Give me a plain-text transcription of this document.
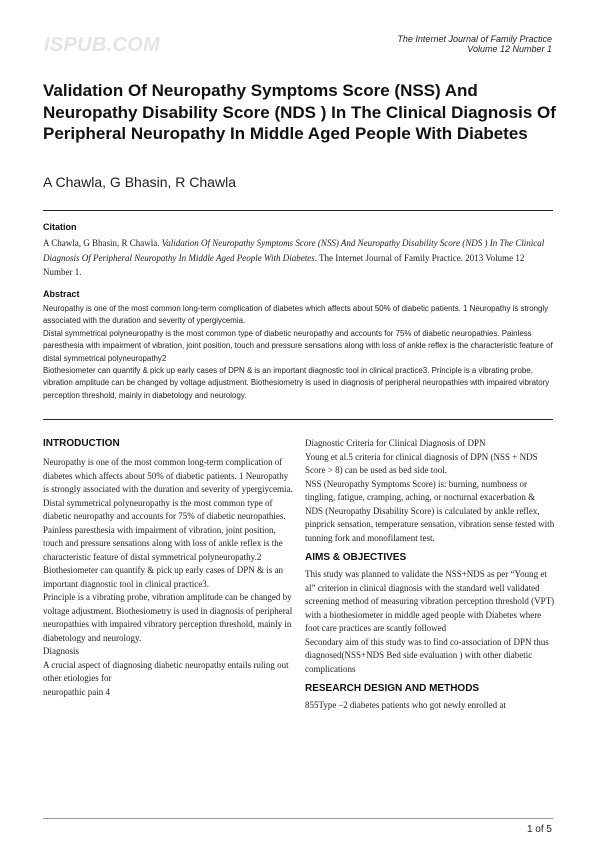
ISPUB.COM	The Internet Journal of Family Practice
Volume 12 Number 1
Validation Of Neuropathy Symptoms Score (NSS) And Neuropathy Disability Score (NDS ) In The Clinical Diagnosis Of Peripheral Neuropathy In Middle Aged People With Diabetes
A Chawla, G Bhasin, R Chawla
Citation
A Chawla, G Bhasin, R Chawla. Validation Of Neuropathy Symptoms Score (NSS) And Neuropathy Disability Score (NDS ) In The Clinical Diagnosis Of Peripheral Neuropathy In Middle Aged People With Diabetes. The Internet Journal of Family Practice. 2013 Volume 12 Number 1.
Abstract

Neuropathy is one of the most common long-term complication of diabetes which affects about 50% of diabetic patients. 1 Neuropathy is strongly associated with the duration and severity of ypergiycemia.

Distal symmetrical polyneuropathy is the most common type of diabetic neuropathy and accounts for 75% of diabetic neuropathies. Painless paresthesia with impairment of vibration, joint position, touch and pressure sensations along with loss of ankle reflex is the characteristic feature of distal symmetrical polyneuropathy2

Biothesiometer can quantify & pick up early cases of DPN & is an important diagnostic tool in clinical practice3. Principle is a vibrating probe, vibration amplitude can be changed by voltage adjustment. Biothesiometry is used in diagnosis of peripheral neuropathies with impaired vibratory perception threshold, mainly in diabetology and neurology.

INTRODUCTION

Neuropathy is one of the most common long-term complication of diabetes which affects about 50% of diabetic patients. 1 Neuropathy is strongly associated with the duration and severity of ypergiycemia.

Distal symmetrical polyneuropathy is the most common type of diabetic neuropathy and accounts for 75% of diabetic neuropathies. Painless paresthesia with impairment of vibration, joint position, touch and pressure sensations along with loss of ankle reflex is the characteristic feature of distal symmetrical polyneuropathy.2

Biothesiometer can quantify & pick up early cases of DPN & is an important diagnostic tool in clinical practice3.

Principle is a vibrating probe, vibration amplitude can be changed by voltage adjustment. Biothesiometry is used in diagnosis of peripheral neuropathies with impaired vibratory perception threshold, mainly in diabetology and neurology.

Diagnosis

A crucial aspect of diagnosing diabetic neuropathy entails ruling out other etiologies for

neuropathic pain 4

Diagnostic Criteria for Clinical Diagnosis of DPN

Young et al.5 criteria for clinical diagnosis of DPN (NSS + NDS Score > 8) can be used as bed side tool.

NSS (Neuropathy Symptoms Score) is: burning, numbness or tingling, fatigue, cramping, aching, or nocturnal exacerbation & NDS (Neuropathy Disability Score) is calculated by ankle reflex, pinprick sensation, temperature sensation, vibration sense tested with tunning fork and monofilament test.

AIMS & OBJECTIVES

This study was planned to validate the NSS+NDS as per “Young et al” criterion in clinical diagnosis with the standard well validated screening method of measuring vibration perception threshold (VPT) with a biothesiometer in middle aged people with Diabetes where foot care practices are scantly followed

Secondary aim of this study was to find co-association of DPN thus diagnosed(NSS+NDS Bed side evaluation ) with other diabetic complications

RESEARCH DESIGN AND METHODS

855Type –2 diabetes patients who got newly enrolled at

1 of 5
